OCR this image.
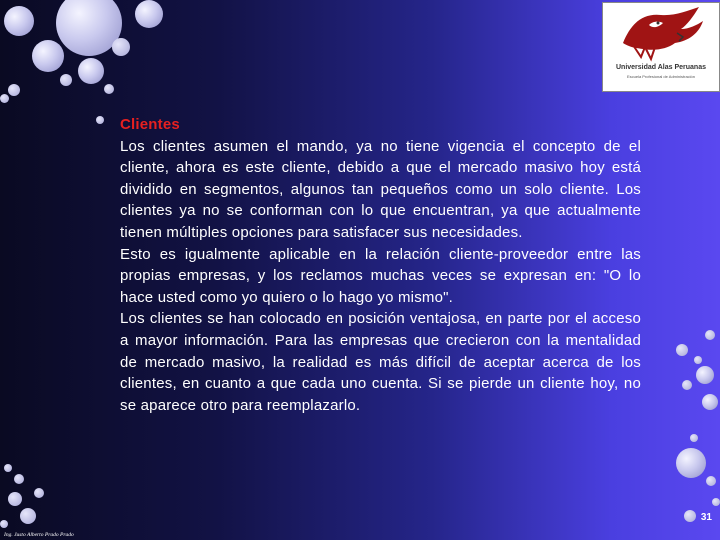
Universidad Alas Peruanas
Escuela Profesional de Administración

Clientes

Los clientes asumen el mando, ya no tiene vigencia el concepto de el cliente, ahora es este cliente, debido a que el mercado masivo hoy está dividido en segmentos, algunos tan pequeños como un solo cliente. Los clientes ya no se conforman con lo que encuentran, ya que actualmente tienen múltiples opciones para satisfacer sus necesidades.

Esto es igualmente aplicable en la relación cliente-proveedor entre las propias empresas, y los reclamos muchas veces se expresan en: "O lo hace usted como yo quiero o lo hago yo mismo".

Los clientes se han colocado en posición ventajosa, en parte por el acceso a mayor información. Para las empresas que crecieron con la mentalidad de mercado masivo, la realidad es más difícil de aceptar acerca de los clientes, en cuanto a que cada uno cuenta. Si se pierde un cliente hoy, no se aparece otro para reemplazarlo.

31
Ing. Justo Alberto Prado Prado
